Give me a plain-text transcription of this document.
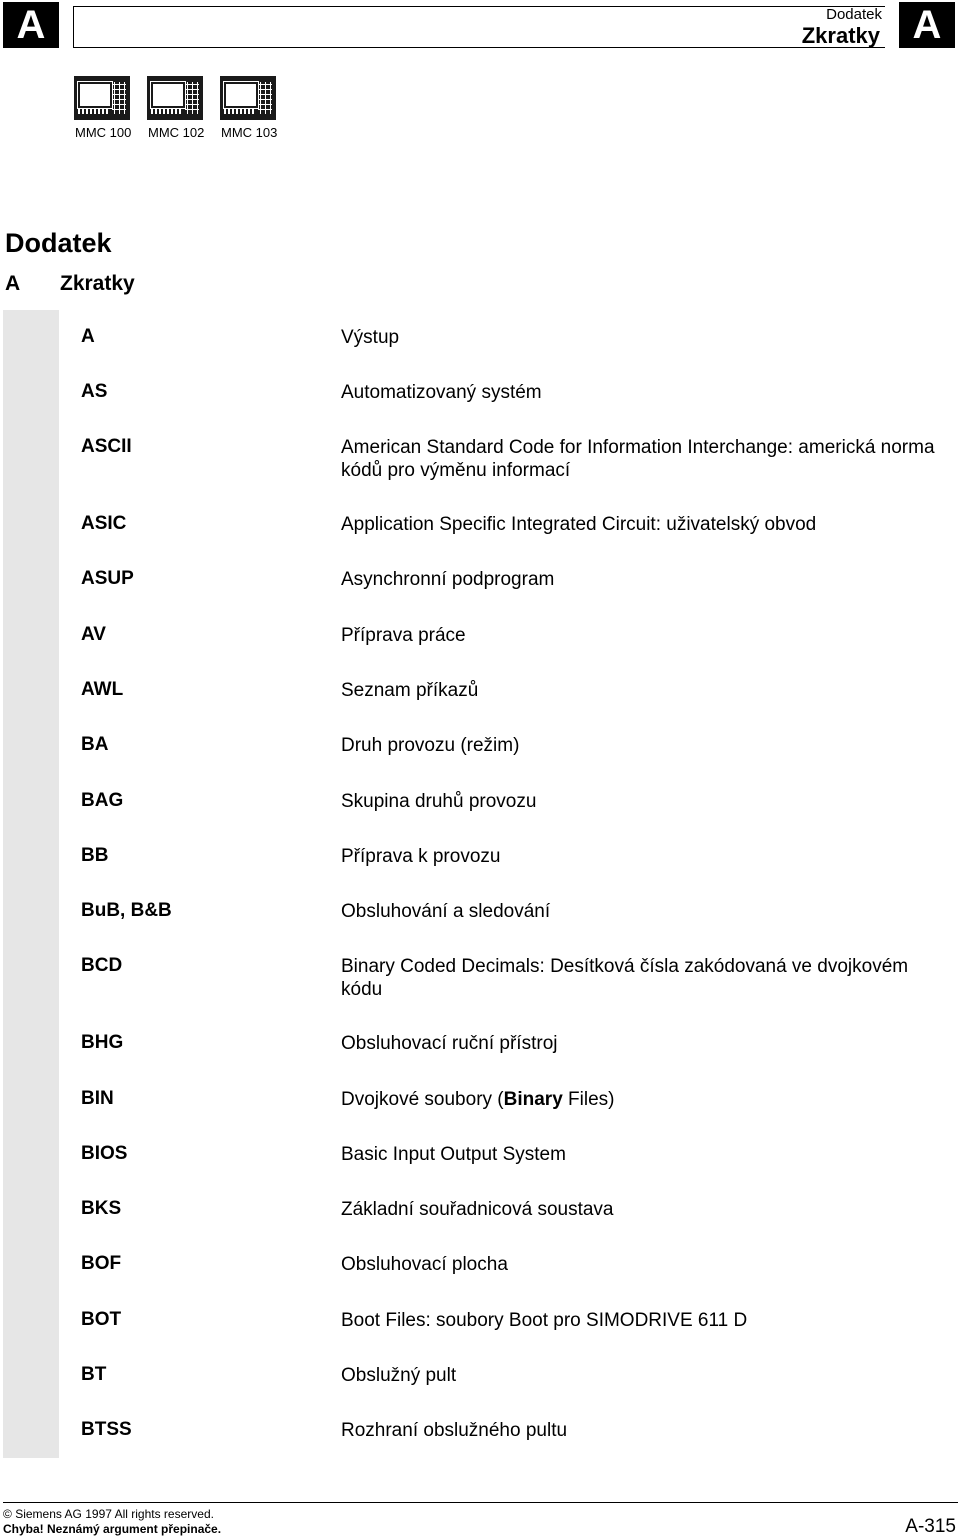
A	Dodatek
Zkratky A
MMC 100 MMC 102 MMC 103
Dodatek
A Zkratky
A	Výstup
AS	Automatizovaný systém
ASCII	American Standard Code for Information Interchange: americká norma kódů pro výměnu informací
ASIC	Application Specific Integrated Circuit: uživatelský obvod
ASUP	Asynchronní podprogram
AV	Příprava práce
AWL	Seznam příkazů
BA	Druh provozu (režim)
BAG	Skupina druhů provozu
BB	Příprava k provozu
BuB, B&B	Obsluhování a sledování
BCD	Binary Coded Decimals: Desítková čísla zakódovaná ve dvojkovém kódu
BHG	Obsluhovací ruční přístroj
BIN	Dvojkové soubory (Binary Files)
BIOS	Basic Input Output System
BKS	Základní souřadnicová soustava
BOF	Obsluhovací plocha
BOT	Boot Files: soubory Boot pro SIMODRIVE 611 D
BT	Obslužný pult
BTSS	Rozhraní obslužného pultu
© Siemens AG 1997 All rights reserved.
Chyba! Neznámý argument přepinače.	A-315
